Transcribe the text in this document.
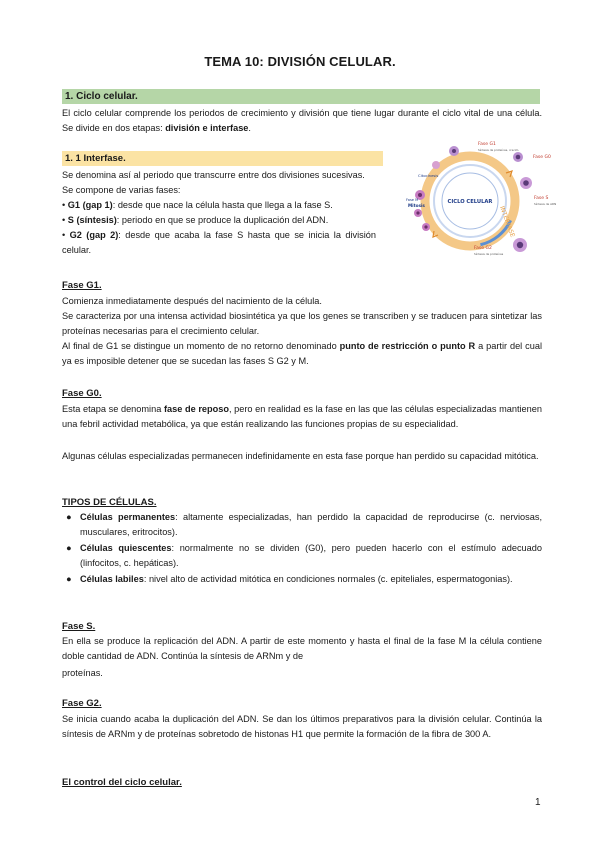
TEMA 10: DIVISIÓN CELULAR.
1. Ciclo celular.
El ciclo celular comprende los periodos de crecimiento y división que tiene lugar durante el ciclo vital de una célula. Se divide en dos etapas: división e interfase.
1. 1 Interfase.
Se denomina así al periodo que transcurre entre dos divisiones sucesivas.
Se compone de varias fases:
• G1 (gap 1): desde que nace la célula hasta que llega a la fase S.
• S (síntesis): periodo en que se produce la duplicación del ADN.
• G2 (gap 2): desde que acaba la fase S hasta que se inicia la división celular.
INTERFASE
CICLO CELULAR
Fase G1
Síntesis de proteínas, crecim.
Fase G0
Fase S
Síntesis de ADN
Fase G2
Síntesis de proteínas
Fase M
Mitosis
Citocinesis
Fase G1.
Comienza inmediatamente después del nacimiento de la célula.
Se caracteriza por una intensa actividad biosintética ya que los genes se transcriben y se traducen para sintetizar las proteínas necesarias para el crecimiento celular.
Al final de G1 se distingue un momento de no retorno denominado punto de restricción o punto R a partir del cual ya es imposible detener que se sucedan las fases S G2 y M.
Fase G0.
Esta etapa se denomina fase de reposo, pero en realidad es la fase en las que las células especializadas mantienen una febril actividad metabólica, ya que están realizando las funciones propias de su especialidad.
Algunas células especializadas permanecen indefinidamente en esta fase porque han perdido su capacidad mitótica.
TIPOS DE CÉLULAS.
● Células permanentes: altamente especializadas, han perdido la capacidad de reproducirse (c. nerviosas, musculares, eritrocitos).
● Células quiescentes: normalmente no se dividen (G0), pero pueden hacerlo con el estímulo adecuado (linfocitos, c. hepáticas).
● Células labiles: nivel alto de actividad mitótica en condiciones normales (c. epiteliales, espermatogonias).
Fase S.
En ella se produce la replicación del ADN. A partir de este momento y hasta el final de la fase M la célula contiene doble cantidad de ADN. Continúa la síntesis de ARNm y de
proteínas.
Fase G2.
Se inicia cuando acaba la duplicación del ADN. Se dan los últimos preparativos para la división celular. Continúa la síntesis de ARNm y de proteínas sobretodo de histonas H1 que permite la formación de la fibra de 300 A.
El control del ciclo celular.
1
